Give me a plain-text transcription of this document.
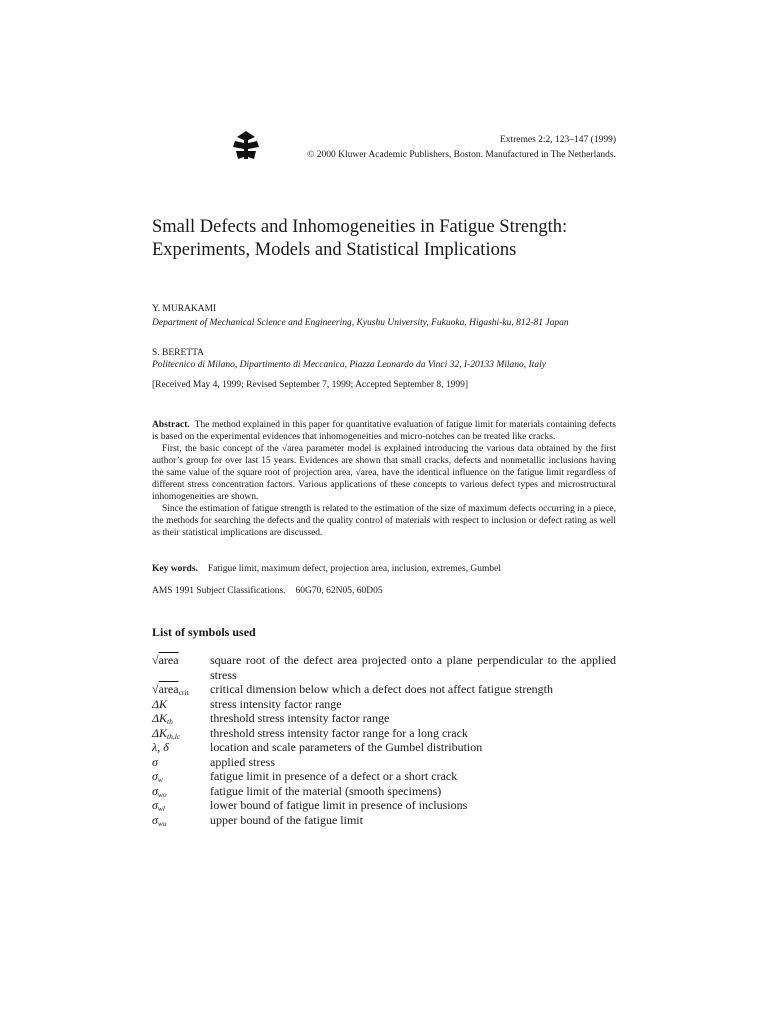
Extremes 2:2, 123–147 (1999)
© 2000 Kluwer Academic Publishers, Boston. Manufactured in The Netherlands.
Small Defects and Inhomogeneities in Fatigue Strength: Experiments, Models and Statistical Implications
Y. MURAKAMI
Department of Mechanical Science and Engineering, Kyushu University, Fukuoka, Higashi-ku, 812-81 Japan
S. BERETTA
Politecnico di Milano, Dipartimento di Meccanica, Piazza Leonardo da Vinci 32, I-20133 Milano, Italy
[Received May 4, 1999; Revised September 7, 1999; Accepted September 8, 1999]

Abstract. The method explained in this paper for quantitative evaluation of fatigue limit for materials containing defects is based on the experimental evidences that inhomogeneities and micro-notches can be treated like cracks.

First, the basic concept of the √area parameter model is explained introducing the various data obtained by the first author’s group for over last 15 years. Evidences are shown that small cracks, defects and nonmetallic inclusions having the same value of the square root of projection area, √area, have the identical influence on the fatigue limit regardless of different stress concentration factors. Various applications of these concepts to various defect types and microstructural inhomogeneities are shown.

Since the estimation of fatigue strength is related to the estimation of the size of maximum defects occurring in a piece, the methods for searching the defects and the quality control of materials with respect to inclusion or defect rating as well as their statistical implications are discussed.

Key words. Fatigue limit, maximum defect, projection area, inclusion, extremes, Gumbel
AMS 1991 Subject Classifications. 60G70, 62N05, 60D05
List of symbols used
√area	square root of the defect area projected onto a plane perpendicular to the applied stress
√area$_{crit}$	critical dimension below which a defect does not affect fatigue strength
ΔK	stress intensity factor range
$\Delta K_{th}$	threshold stress intensity factor range
$\Delta K_{th,lc}$	threshold stress intensity factor range for a long crack
λ, δ	location and scale parameters of the Gumbel distribution
σ	applied stress
$\sigma_w$	fatigue limit in presence of a defect or a short crack
$\sigma_{wo}$	fatigue limit of the material (smooth specimens)
$\sigma_{wl}$	lower bound of fatigue limit in presence of inclusions
$\sigma_{wu}$	upper bound of the fatigue limit
